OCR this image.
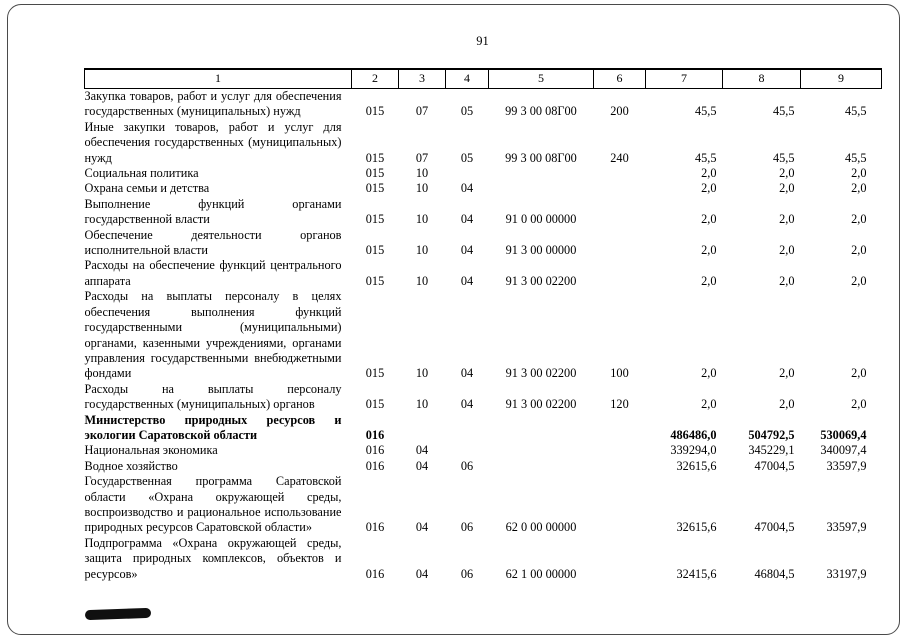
91
1	2	3	4	5	6	7	8	9
Закупка товаров, работ и услуг для обеспечения государственных (муниципальных) нужд	015	07	05	99 3 00 08Г00	200	45,5	45,5	45,5
Иные закупки товаров, работ и услуг для обеспечения государственных (муниципальных) нужд	015	07	05	99 3 00 08Г00	240	45,5	45,5	45,5
Социальная политика	015	10				2,0	2,0	2,0
Охрана семьи и детства	015	10	04			2,0	2,0	2,0
Выполнение функций органами государственной власти	015	10	04	91 0 00 00000		2,0	2,0	2,0
Обеспечение деятельности органов исполнительной власти	015	10	04	91 3 00 00000		2,0	2,0	2,0
Расходы на обеспечение функций центрального аппарата	015	10	04	91 3 00 02200		2,0	2,0	2,0
Расходы на выплаты персоналу в целях обеспечения выполнения функций государственными (муниципальными) органами, казенными учреждениями, органами управления государственными внебюджетными фондами	015	10	04	91 3 00 02200	100	2,0	2,0	2,0
Расходы на выплаты персоналу государственных (муниципальных) органов	015	10	04	91 3 00 02200	120	2,0	2,0	2,0
Министерство природных ресурсов и экологии Саратовской области	016					486486,0	504792,5	530069,4
Национальная экономика	016	04				339294,0	345229,1	340097,4
Водное хозяйство	016	04	06			32615,6	47004,5	33597,9
Государственная программа Саратовской области «Охрана окружающей среды, воспроизводство и рациональное использование природных ресурсов Саратовской области»	016	04	06	62 0 00 00000		32615,6	47004,5	33597,9
Подпрограмма «Охрана окружающей среды, защита природных комплексов, объектов и ресурсов»	016	04	06	62 1 00 00000		32415,6	46804,5	33197,9
